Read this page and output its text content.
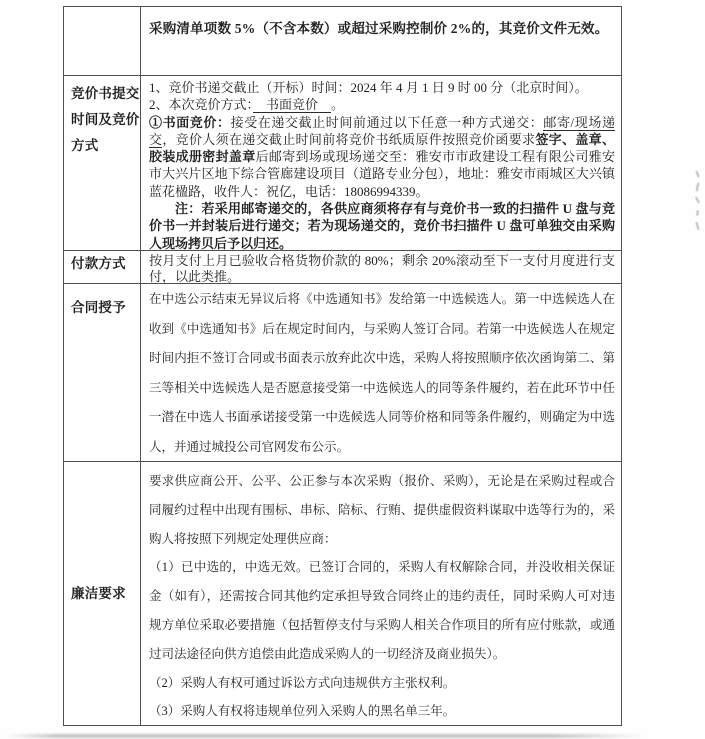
采购清单项数 5%（不含本数）或超过采购控制价 2%的，其竞价文件无效。
竞价书提交时间及竞价方式
1、竞价书递交截止（开标）时间：2024 年 4 月 1 日 9 时 00 分（北京时间）。
2、本次竞价方式：　书面竞价　。
①书面竞价：接受在递交截止时间前通过以下任意一种方式递交：邮寄/现场递交，竞价人须在递交截止时间前将竞价书纸质原件按照竞价函要求签字、盖章、胶装成册密封盖章后邮寄到场或现场递交至：雅安市市政建设工程有限公司雅安市大兴片区地下综合管廊建设项目（道路专业分包），地址：雅安市雨城区大兴镇蓝花楹路，收件人：祝亿，电话：18086994339。
注：若采用邮寄递交的，各供应商须将存有与竞价书一致的扫描件 U 盘与竞价书一并封装后进行递交；若为现场递交的，竞价书扫描件 U 盘可单独交由采购人现场拷贝后予以归还。
付款方式	按月支付上月已验收合格货物价款的 80%；剩余 20%滚动至下一支付月度进行支付，以此类推。
合同授予
在中选公示结束无异议后将《中选通知书》发给第一中选候选人。第一中选候选人在收到《中选通知书》后在规定时间内，与采购人签订合同。若第一中选候选人在规定时间内拒不签订合同或书面表示放弃此次中选，采购人将按照顺序依次函询第二、第三等相关中选候选人是否愿意接受第一中选候选人的同等条件履约，若在此环节中任一潜在中选人书面承诺接受第一中选候选人同等价格和同等条件履约，则确定为中选人，并通过城投公司官网发布公示。
廉洁要求
要求供应商公开、公平、公正参与本次采购（报价、采购），无论是在采购过程或合同履约过程中出现有围标、串标、陪标、行贿、提供虚假资料谋取中选等行为的，采购人将按照下列规定处理供应商：
（1）已中选的，中选无效。已签订合同的，采购人有权解除合同，并没收相关保证金（如有），还需按合同其他约定承担导致合同终止的违约责任，同时采购人可对违规方单位采取必要措施（包括暂停支付与采购人相关合作项目的所有应付账款，或通过司法途径向供方追偿由此造成采购人的一切经济及商业损失）。
（2）采购人有权可通过诉讼方式向违规供方主张权利。
（3）采购人有权将违规单位列入采购人的黑名单三年。
